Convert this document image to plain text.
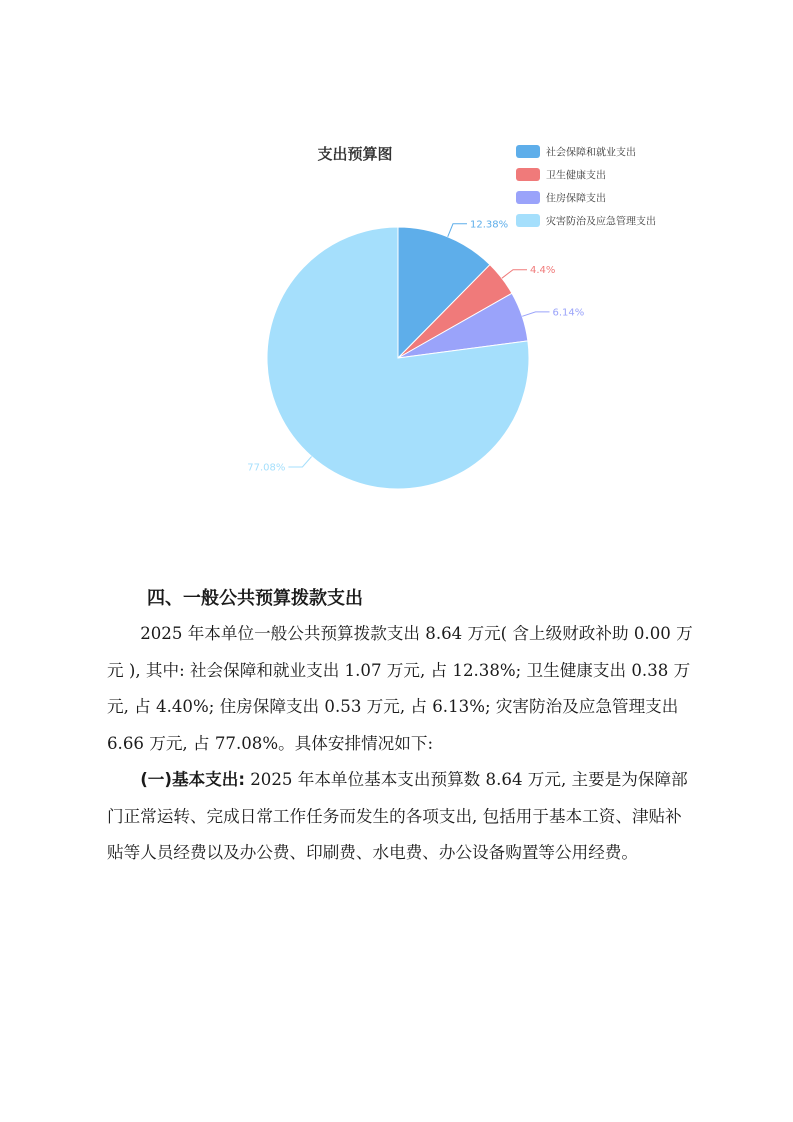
支出预算图
12.38%
4.4%
6.14%
77.08%
社会保障和就业支出
卫生健康支出
住房保障支出
灾害防治及应急管理支出
四、一般公共预算拨款支出

2025 年本单位一般公共预算拨款支出 8.64 万元( 含上级财政补助 0.00 万元 ), 其中: 社会保障和就业支出 1.07 万元, 占 12.38%; 卫生健康支出 0.38 万元, 占 4.40%; 住房保障支出 0.53 万元, 占 6.13%; 灾害防治及应急管理支出 6.66 万元, 占 77.08%。具体安排情况如下:

(一)基本支出: 2025 年本单位基本支出预算数 8.64 万元, 主要是为保障部门正常运转、完成日常工作任务而发生的各项支出, 包括用于基本工资、津贴补贴等人员经费以及办公费、印刷费、水电费、办公设备购置等公用经费。
